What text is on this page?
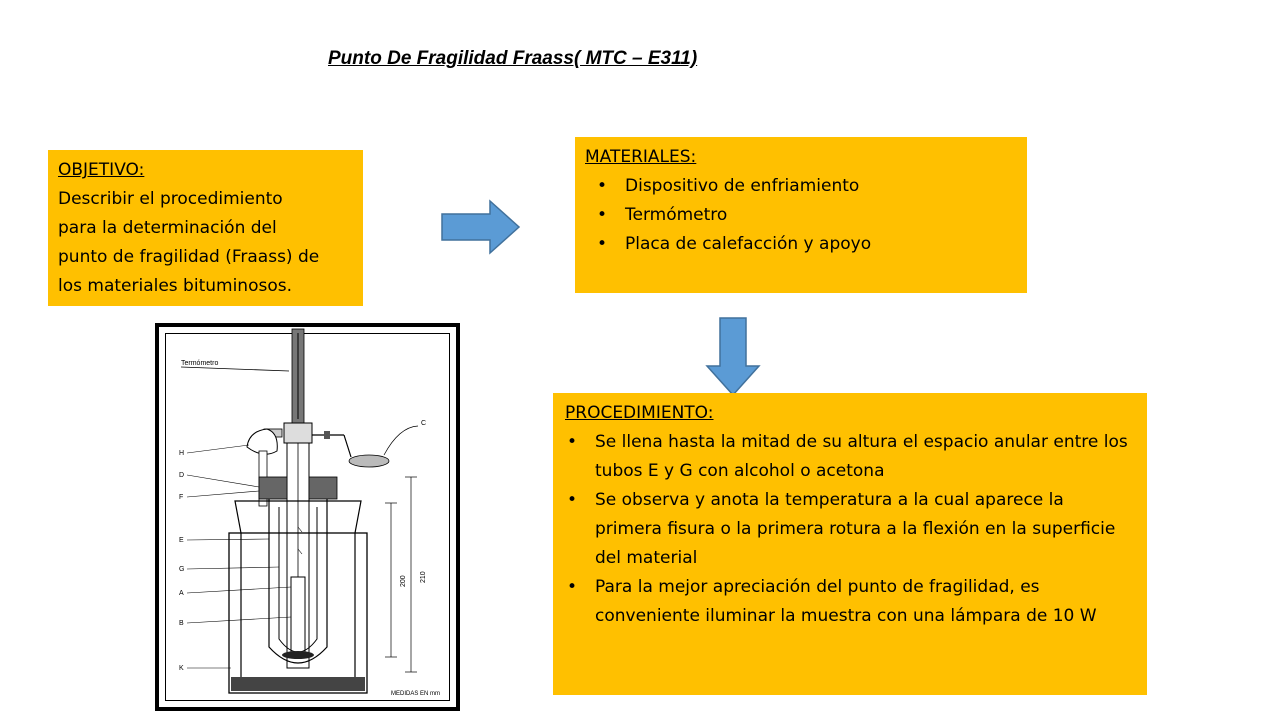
Punto De Fragilidad Fraass( MTC – E311)
OBJETIVO:
Describir el procedimiento
para la determinación del
punto de fragilidad (Fraass) de
los materiales bituminosos.
MATERIALES:
• Dispositivo de enfriamiento
• Termómetro
• Placa de calefacción y apoyo
PROCEDIMIENTO:
• Se llena hasta la mitad de su altura el espacio anular entre los tubos E y G con alcohol o acetona
• Se observa y anota la temperatura a la cual aparece la primera fisura o la primera rotura a la flexión en la superficie del material
• Para la mejor apreciación del punto de fragilidad, es conveniente iluminar la muestra con una lámpara de 10 W
Termómetro
C
H
D
F
E
G
A
B
K
200 210
MEDIDAS EN mm
